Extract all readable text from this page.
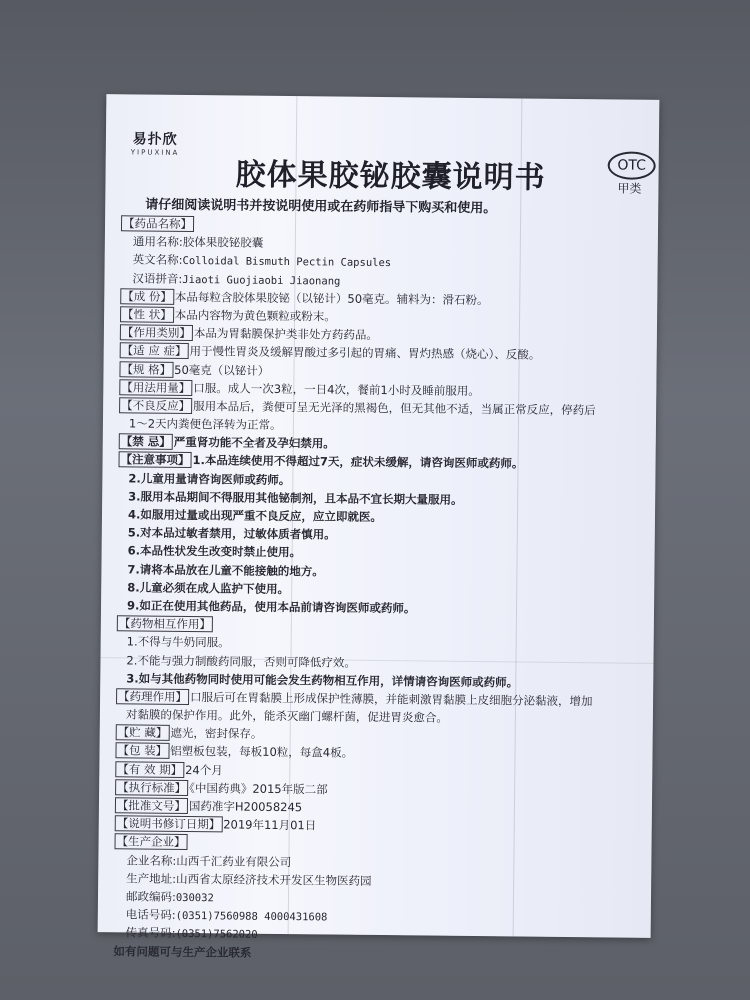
易扑欣
YIPUXINA
胶体果胶铋胶囊说明书	OTC
甲类
请仔细阅读说明书并按说明使用或在药师指导下购买和使用。
【药品名称】
通用名称:胶体果胶铋胶囊
英文名称:Colloidal Bismuth Pectin Capsules
汉语拼音:Jiaoti Guojiaobi Jiaonang
【成 份】 本品每粒含胶体果胶铋（以铋计）50毫克。辅料为：滑石粉。
【性 状】 本品内容物为黄色颗粒或粉末。
【作用类别】 本品为胃黏膜保护类非处方药药品。
【适 应 症】 用于慢性胃炎及缓解胃酸过多引起的胃痛、胃灼热感（烧心）、反酸。
【规 格】 50毫克（以铋计）
【用法用量】 口服。成人一次3粒，一日4次，餐前1小时及睡前服用。
【不良反应】 服用本品后，粪便可呈无光泽的黑褐色，但无其他不适，当属正常反应，停药后
1～2天内粪便色泽转为正常。
【禁 忌】 严重肾功能不全者及孕妇禁用。
【注意事项】 1.本品连续使用不得超过7天，症状未缓解，请咨询医师或药师。
2.儿童用量请咨询医师或药师。
3.服用本品期间不得服用其他铋制剂，且本品不宜长期大量服用。
4.如服用过量或出现严重不良反应，应立即就医。
5.对本品过敏者禁用，过敏体质者慎用。
6.本品性状发生改变时禁止使用。
7.请将本品放在儿童不能接触的地方。
8.儿童必须在成人监护下使用。
9.如正在使用其他药品，使用本品前请咨询医师或药师。
【药物相互作用】
1.不得与牛奶同服。
2.不能与强力制酸药同服，否则可降低疗效。
3.如与其他药物同时使用可能会发生药物相互作用，详情请咨询医师或药师。
【药理作用】 口服后可在胃黏膜上形成保护性薄膜，并能刺激胃黏膜上皮细胞分泌黏液，增加
对黏膜的保护作用。此外，能杀灭幽门螺杆菌，促进胃炎愈合。
【贮 藏】 遮光，密封保存。
【包 装】 铝塑板包装，每板10粒，每盒4板。
【有 效 期】 24个月
【执行标准】 《中国药典》2015年版二部
【批准文号】 国药准字H20058245
【说明书修订日期】 2019年11月01日
【生产企业】
企业名称:山西千汇药业有限公司
生产地址:山西省太原经济技术开发区生物医药园
邮政编码:030032
电话号码:(0351)7560988 4000431608
传真号码:(0351)7562020
如有问题可与生产企业联系
